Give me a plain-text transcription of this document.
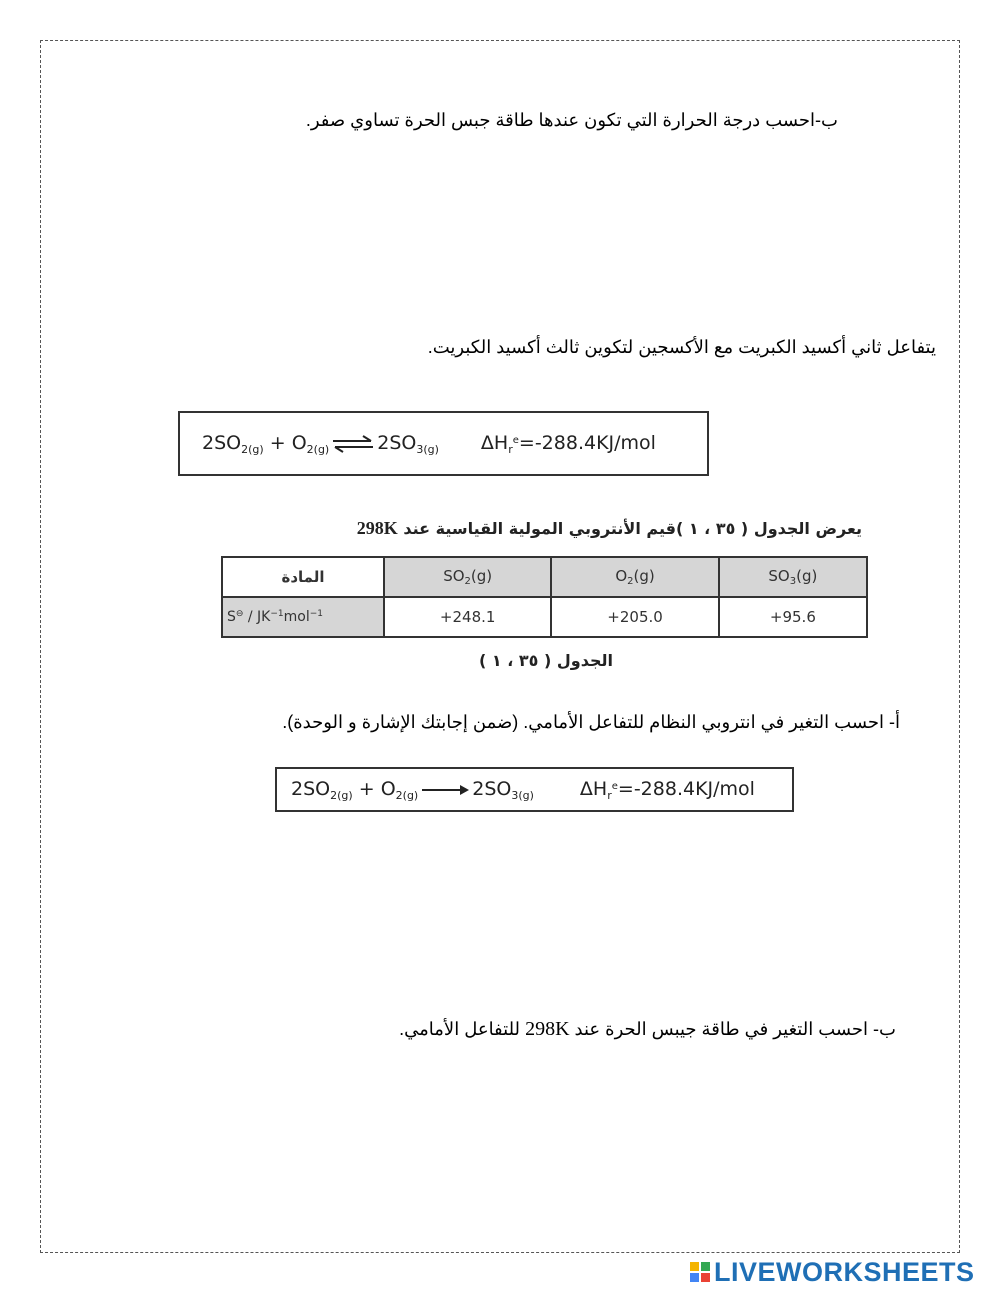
ب-احسب درجة الحرارة التي تكون عندها طاقة جبس الحرة تساوي صفر.
يتفاعل ثاني أكسيد الكبريت مع الأكسجين لتكوين ثالث أكسيد الكبريت.
$2SO_{2(g)} + O_{2(g)}$ ⇌ $2SO_{3(g)}$ $\Delta H_r^e=-288.4KJ$/mol
يعرض الجدول ( ٣٥ ، ١ )قيم الأنتروبي المولية القياسية عند 298K
المادة	$SO_2(g)$	$O_2(g)$	$SO_3(g)$
$S^⊖ / JK^{-1}mol^{-1}$	+248.1	+205.0	+95.6
الجدول ( ٣٥ ، ١ )
أ- احسب التغير في انتروبي النظام للتفاعل الأمامي. (ضمن إجابتك الإشارة و الوحدة).
$2SO_{2(g)} + O_{2(g)}$	$2SO_{3(g)}$ $\Delta H_r^e=-288.4KJ$/mol
ب- احسب التغير في طاقة جيبس الحرة عند 298K للتفاعل الأمامي.
LIVEWORKSHEETS
